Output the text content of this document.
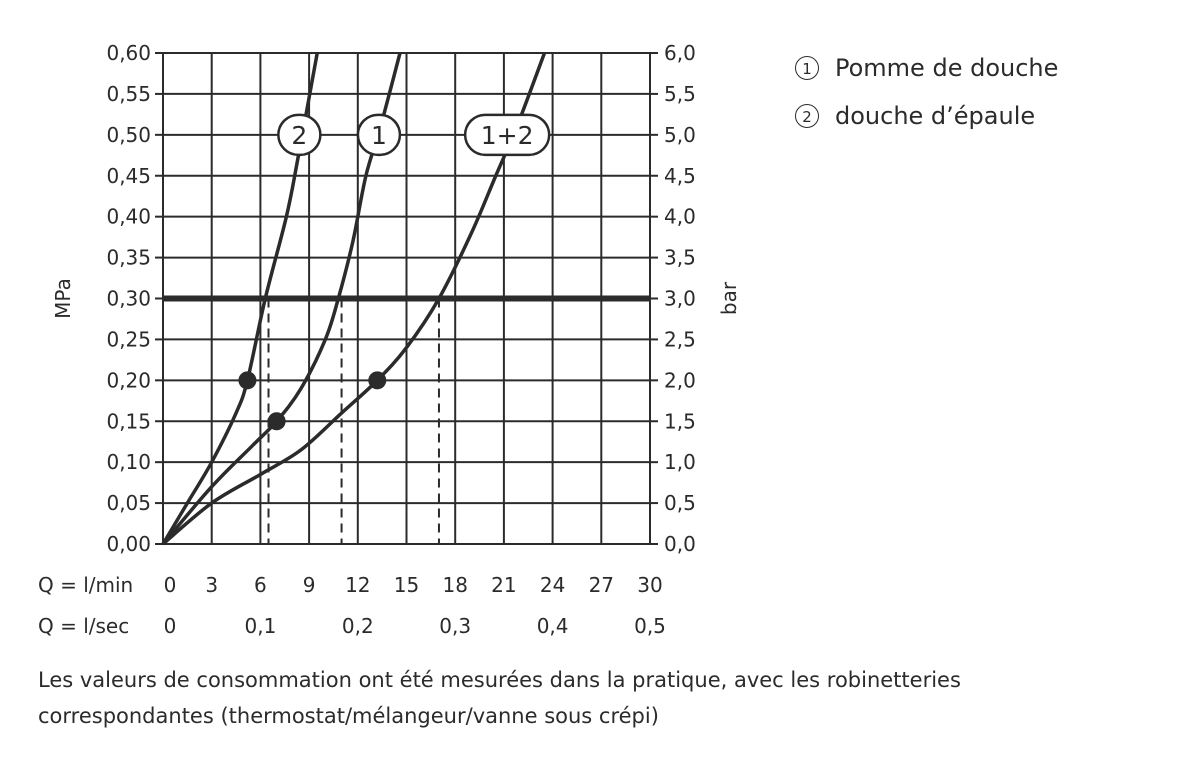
2	1	1+2
0,00
0,05
0,10
0,15
0,20
0,25
0,30
0,35
0,40
0,45
0,50
0,55
0,60
0,0
0,5
1,0
1,5
2,0
2,5
3,0
3,5
4,0
4,5
5,0
5,5
6,0
MPa	bar
Q = l/min 0 3 6 9 12 15 18 21 24 27 30
Q = l/sec 0	0,1	0,2	0,3	0,4	0,5
1 Pomme de douche
2 douche d’épaule
Les valeurs de consommation ont été mesurées dans la pratique, avec les robinetteries
correspondantes (thermostat/mélangeur/vanne sous crépi)
